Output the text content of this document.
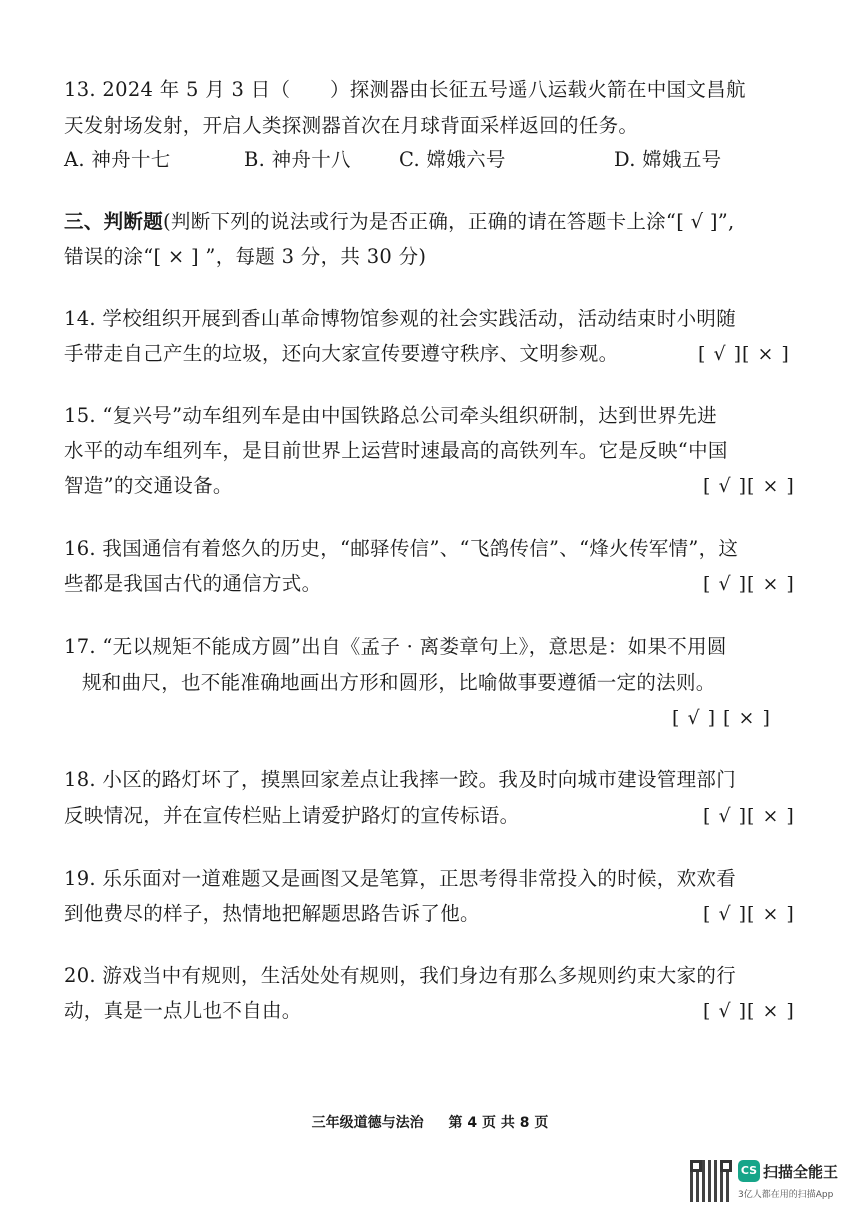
13. 2024 年 5 月 3 日（　　）探测器由长征五号遥八运载火箭在中国文昌航
天发射场发射，开启人类探测器首次在月球背面采样返回的任务。
A. 神舟十七	B. 神舟十八	C. 嫦娥六号	D. 嫦娥五号
三、判断题(判断下列的说法或行为是否正确，正确的请在答题卡上涂“[ √ ]”,
错误的涂“[ × ] ”，每题 3 分，共 30 分)
14. 学校组织开展到香山革命博物馆参观的社会实践活动，活动结束时小明随
手带走自己产生的垃圾，还向大家宣传要遵守秩序、文明参观。	[ √ ][ × ]
15. “复兴号”动车组列车是由中国铁路总公司牵头组织研制，达到世界先进
水平的动车组列车，是目前世界上运营时速最高的高铁列车。它是反映“中国
智造”的交通设备。	[ √ ][ × ]
16. 我国通信有着悠久的历史，“邮驿传信”、“飞鸽传信”、“烽火传军情”，这
些都是我国古代的通信方式。	[ √ ][ × ]
17. “无以规矩不能成方圆”出自《孟子 · 离娄章句上》，意思是：如果不用圆
规和曲尺，也不能准确地画出方形和圆形，比喻做事要遵循一定的法则。
[ √ ] [ × ]
18. 小区的路灯坏了，摸黑回家差点让我摔一跤。我及时向城市建设管理部门
反映情况，并在宣传栏贴上请爱护路灯的宣传标语。	[ √ ][ × ]
19. 乐乐面对一道难题又是画图又是笔算，正思考得非常投入的时候，欢欢看
到他费尽的样子，热情地把解题思路告诉了他。	[ √ ][ × ]
20. 游戏当中有规则，生活处处有规则，我们身边有那么多规则约束大家的行
动，真是一点儿也不自由。	[ √ ][ × ]
三年级道德与法治 第 4 页 共 8 页
CS 扫描全能王
3亿人都在用的扫描App
